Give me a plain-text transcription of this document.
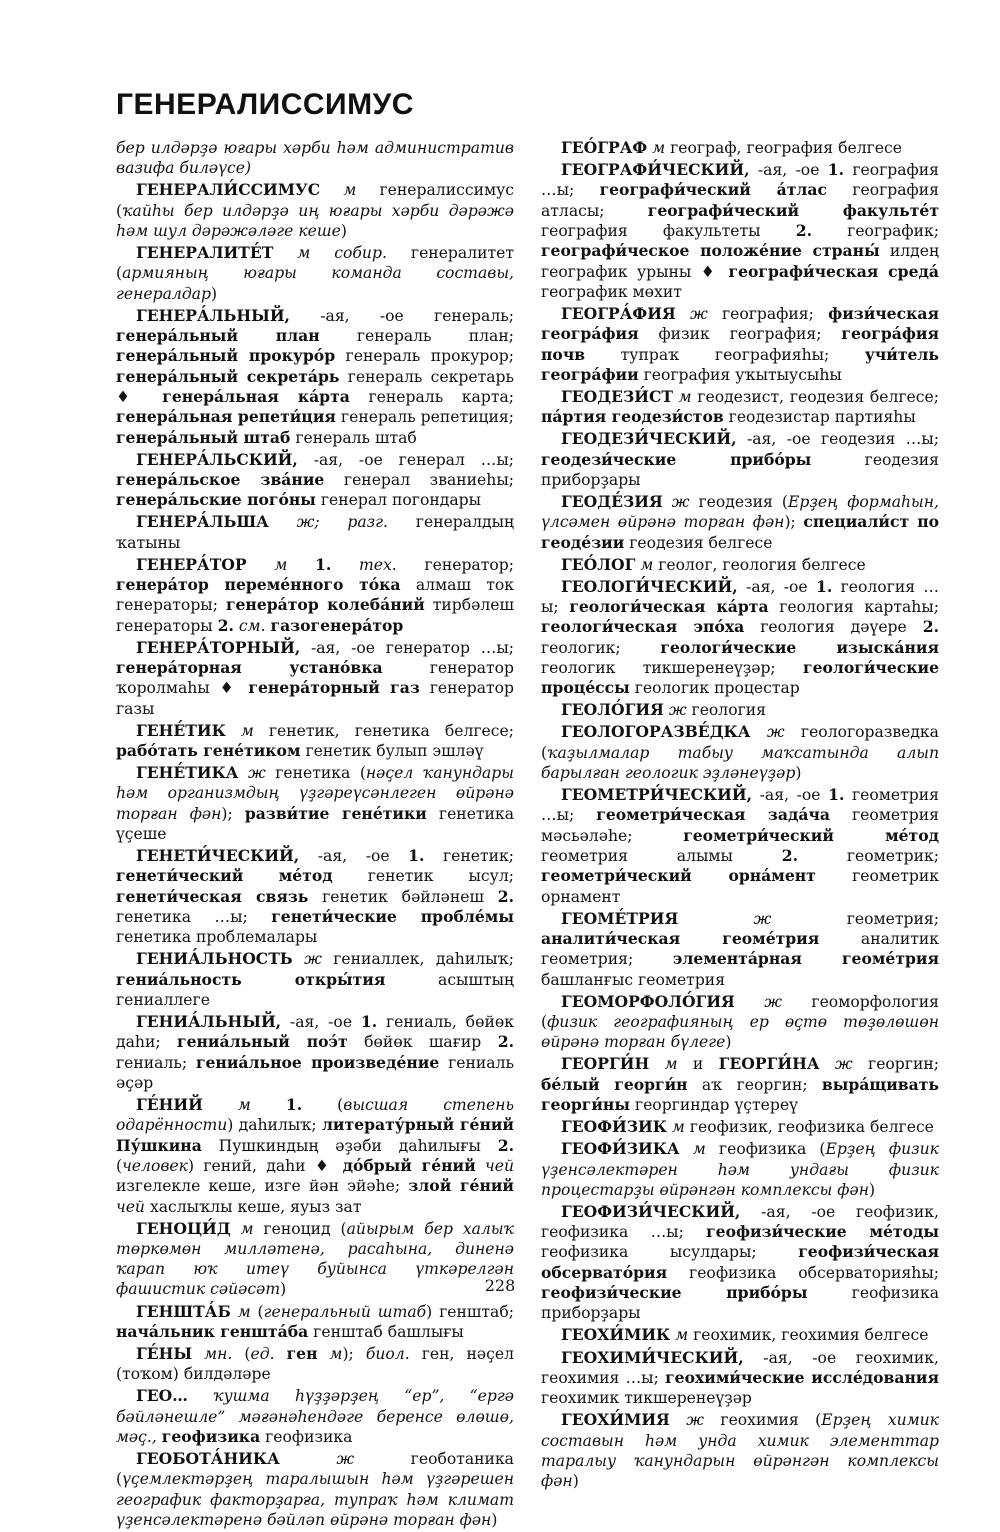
ГЕНЕРАЛИССИМУС

бер илдәрҙә юғары хәрби һәм административ вазифа биләүсе)

ГЕНЕРАЛИ́ССИМУС м генералиссимус (ҡайһы бер илдәрҙә иң юғары хәрби дәрәжә һәм шул дәрәжәләге кеше)

ГЕНЕРАЛИТЕ́Т м собир. генералитет (армияның юғары команда составы, генералдар)

ГЕНЕРА́ЛЬНЫЙ, -ая, -ое генераль; генера́льный план генераль план; генера́льный прокуро́р генераль прокурор; генера́льный секрета́рь генераль секретарь ♦ генера́льная ка́рта генераль карта; генера́льная репети́ция генераль репетиция; генера́льный штаб генераль штаб

ГЕНЕРА́ЛЬСКИЙ, -ая, -ое генерал …ы; генера́льское зва́ние генерал званиеһы; генера́льские пого́ны генерал погондары

ГЕНЕРА́ЛЬША ж; разг. генералдың ҡатыны

ГЕНЕРА́ТОР м 1. тех. генератор; генера́тор переме́нного то́ка алмаш ток генераторы; генера́тор колеба́ний тирбәлеш генераторы 2. см. газогенера́тор

ГЕНЕРА́ТОРНЫЙ, -ая, -ое генератор …ы; генера́торная устано́вка генератор ҡоролмаһы ♦ генера́торный газ генератор газы

ГЕНЕ́ТИК м генетик, генетика белгесе; рабо́тать гене́тиком генетик булып эшләү

ГЕНЕ́ТИКА ж генетика (нәҫел ҡанундары һәм организмдың үҙгәреүсәнлеген өйрәнә торған фән); разви́тие гене́тики генетика үҫеше

ГЕНЕТИ́ЧЕСКИЙ, -ая, -ое 1. генетик; генети́ческий ме́тод генетик ысул; генети́ческая связь генетик бәйләнеш 2. генетика …ы; генети́ческие пробле́мы генетика проблемалары

ГЕНИА́ЛЬНОСТЬ ж гениаллек, даһилыҡ; гениа́льность откры́тия асыштың гениаллеге

ГЕНИА́ЛЬНЫЙ, -ая, -ое 1. гениаль, бөйөк даһи; гениа́льный поэ́т бөйөк шағир 2. гениаль; гениа́льное произведе́ние гениаль әҫәр

ГЕ́НИЙ м 1. (высшая степень одарённости) даһилыҡ; литерату́рный ге́ний Пу́шкина Пушкиндың әҙәби даһилығы 2. (человек) гений, даһи ♦ до́брый ге́ний чей изгелекле кеше, изге йән эйәһе; злой ге́ний чей хаслыҡлы кеше, яуыз зат

ГЕНОЦИ́Д м геноцид (айырым бер халыҡ төркөмөн милләтенә, расаһына, диненә ҡарап юҡ итеү буйынса үткәрелгән фашистик сәйәсәт)

ГЕНШТА́Б м (генеральный штаб) генштаб; нача́льник геншта́ба генштаб башлығы

ГЕ́НЫ мн. (ед. ген м); биол. ген, нәҫел (тоҡом) билдәләре

ГЕО… ҡушма һүҙҙәрҙең “ер”, “ергә бәйләнешле” мәғәнәһендәге беренсе өлөшө, мәҫ., геофизика геофизика

ГЕОБОТА́НИКА	ж геоботаника (үҫемлектәрҙең таралышын һәм үҙгәрешен географик факторҙарға, тупраҡ һәм климат үҙенсәлектәренә бәйләп өйрәнә торған фән)

ГЕО́ГРАФ м географ, география белгесе

ГЕОГРАФИ́ЧЕСКИЙ, -ая, -ое 1. география …ы; географи́ческий а́тлас география атласы; географи́ческий факульте́т география факультеты 2. географик; географи́ческое положе́ние страны́ илдең географик урыны ♦ географи́ческая среда́ географик мөхит

ГЕОГРА́ФИЯ ж география; физи́ческая геогра́фия физик география; геогра́фия почв тупраҡ географияһы; учи́тель геогра́фии география уҡытыусыһы

ГЕОДЕЗИ́СТ м геодезист, геодезия белгесе; па́ртия геодези́стов геодезистар партияһы

ГЕОДЕЗИ́ЧЕСКИЙ, -ая, -ое геодезия …ы; геодези́ческие прибо́ры геодезия приборҙары

ГЕОДЕ́ЗИЯ ж геодезия (Ерҙең формаһын, үлсәмен өйрәнә торған фән); специали́ст по геоде́зии геодезия белгесе

ГЕО́ЛОГ м геолог, геология белгесе

ГЕОЛОГИ́ЧЕСКИЙ, -ая, -ое 1. геология …ы; геологи́ческая ка́рта геология картаһы; геологи́ческая эпо́ха геология дәүере 2. геологик; геологи́ческие изыска́ния геологик тикшеренеүҙәр; геологи́ческие проце́ссы геологик процестар

ГЕОЛО́ГИЯ ж геология

ГЕОЛОГОРАЗВЕ́ДКА ж геологоразведка (ҡаҙылмалар табыу маҡсатында алып барылған геологик эҙләнеүҙәр)

ГЕОМЕТРИ́ЧЕСКИЙ, -ая, -ое 1. геометрия …ы; геометри́ческая зада́ча геометрия мәсьәләһе; геометри́ческий ме́тод геометрия алымы 2. геометрик; геометри́ческий орна́мент геометрик орнамент

ГЕОМЕ́ТРИЯ	ж геометрия; аналити́ческая геоме́трия аналитик геометрия; элемента́рная геоме́трия башланғыс геометрия

ГЕОМОРФОЛО́ГИЯ ж геоморфология (физик географияның ер өҫтө төҙөлөшөн өйрәнә торған бүлеге)

ГЕОРГИ́Н м и ГЕОРГИ́НА ж георгин; бе́лый георги́н аҡ георгин; выра́щивать георги́ны георгиндар үҫтереү

ГЕОФИ́ЗИК м геофизик, геофизика белгесе

ГЕОФИ́ЗИКА м геофизика (Ерҙең физик үҙенсәлектәрен һәм ундағы физик процестарҙы өйрәнгән комплексы фән)

ГЕОФИЗИ́ЧЕСКИЙ, -ая, -ое геофизик, геофизика …ы; геофизи́ческие ме́тоды геофизика ысулдары; геофизи́ческая обсервато́рия геофизика обсерваторияһы; геофизи́ческие прибо́ры геофизика приборҙары

ГЕОХИ́МИК м геохимик, геохимия белгесе

ГЕОХИМИ́ЧЕСКИЙ, -ая, -ое геохимик, геохимия …ы; геохими́ческие иссле́дования геохимик тикшеренеүҙәр

ГЕОХИ́МИЯ ж геохимия (Ерҙең химик составын һәм унда химик элементтар таралыу ҡанундарын өйрәнгән комплексы фән)

228
